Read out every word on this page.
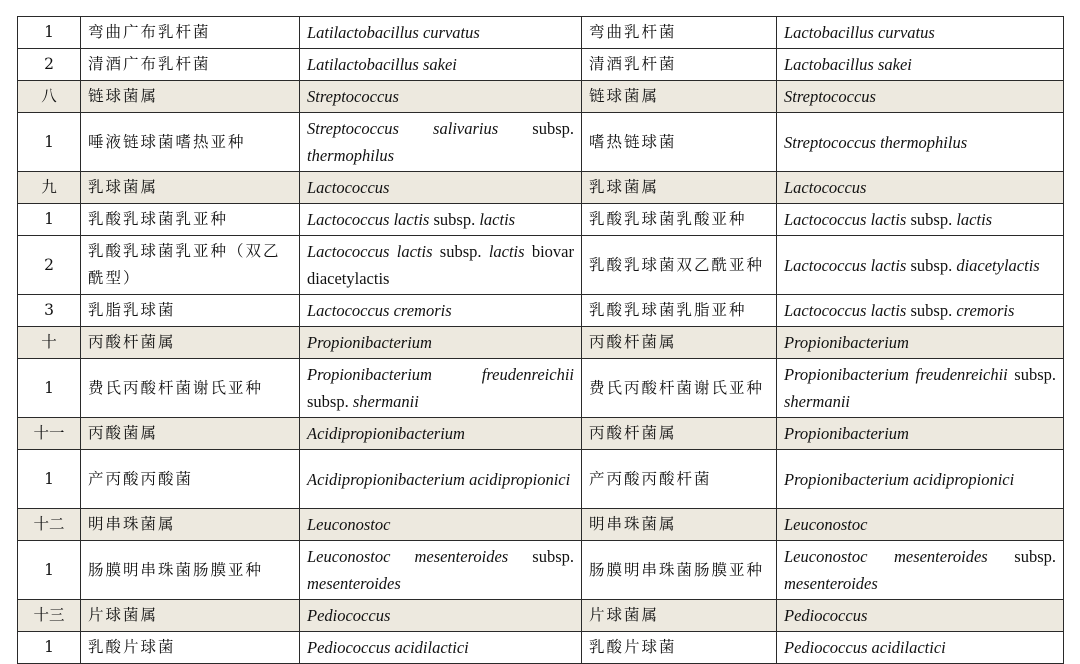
1	弯曲广布乳杆菌	Latilactobacillus curvatus	弯曲乳杆菌	Lactobacillus curvatus
2	清酒广布乳杆菌	Latilactobacillus sakei	清酒乳杆菌	Lactobacillus sakei
八	链球菌属	Streptococcus	链球菌属	Streptococcus
1	唾液链球菌嗜热亚种	Streptococcus salivarius subsp. thermophilus	嗜热链球菌	Streptococcus thermophilus
九	乳球菌属	Lactococcus	乳球菌属	Lactococcus
1	乳酸乳球菌乳亚种	Lactococcus lactis subsp. lactis	乳酸乳球菌乳酸亚种	Lactococcus lactis subsp. lactis
2	乳酸乳球菌乳亚种（双乙酰型）	Lactococcus lactis subsp. lactis biovar diacetylactis	乳酸乳球菌双乙酰亚种	Lactococcus lactis subsp. diacetylactis
3	乳脂乳球菌	Lactococcus cremoris	乳酸乳球菌乳脂亚种	Lactococcus lactis subsp. cremoris
十	丙酸杆菌属	Propionibacterium	丙酸杆菌属	Propionibacterium
1	费氏丙酸杆菌谢氏亚种	Propionibacterium freudenreichii subsp. shermanii	费氏丙酸杆菌谢氏亚种	Propionibacterium freudenreichii subsp. shermanii
十一	丙酸菌属	Acidipropionibacterium	丙酸杆菌属	Propionibacterium
1	产丙酸丙酸菌	Acidipropionibacterium acidipropionici	产丙酸丙酸杆菌	Propionibacterium acidipropionici
十二	明串珠菌属	Leuconostoc	明串珠菌属	Leuconostoc
1	肠膜明串珠菌肠膜亚种	Leuconostoc mesenteroides subsp. mesenteroides	肠膜明串珠菌肠膜亚种	Leuconostoc mesenteroides subsp. mesenteroides
十三	片球菌属	Pediococcus	片球菌属	Pediococcus
1	乳酸片球菌	Pediococcus acidilactici	乳酸片球菌	Pediococcus acidilactici
